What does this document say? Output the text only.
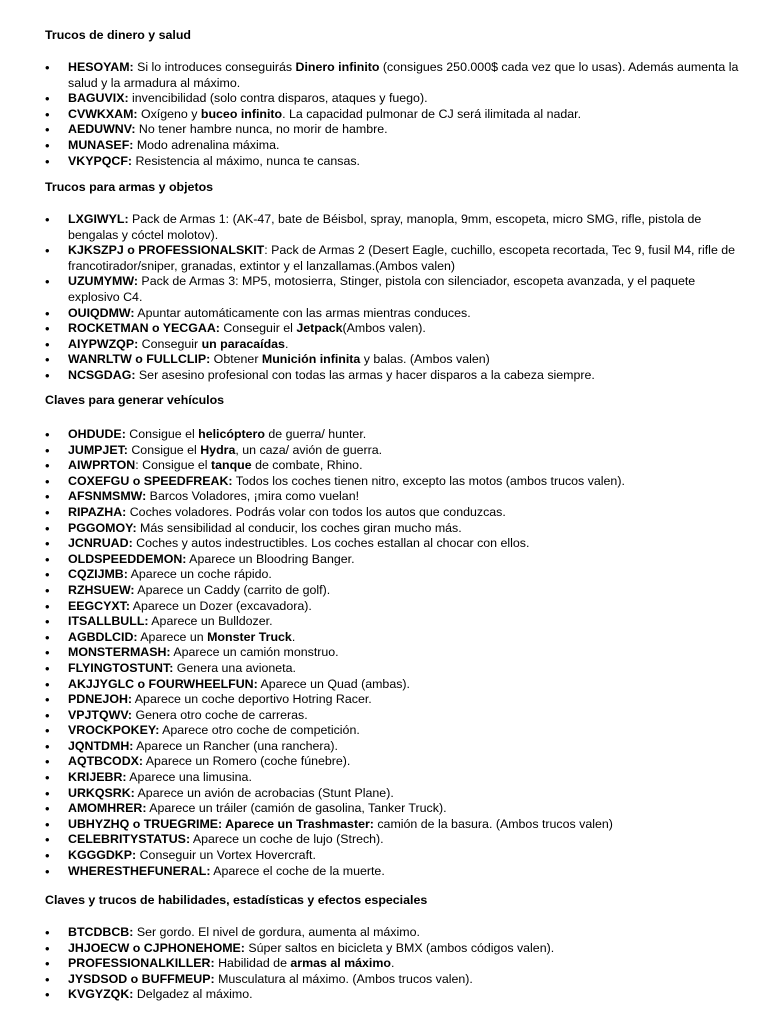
Trucos de dinero y salud
• HESOYAM: Si lo introduces conseguirás Dinero infinito (consigues 250.000$ cada vez que lo usas). Además aumenta la salud y la armadura al máximo.
• BAGUVIX: invencibilidad (solo contra disparos, ataques y fuego).
• CVWKXAM: Oxígeno y buceo infinito. La capacidad pulmonar de CJ será ilimitada al nadar.
• AEDUWNV: No tener hambre nunca, no morir de hambre.
• MUNASEF: Modo adrenalina máxima.
• VKYPQCF: Resistencia al máximo, nunca te cansas.
Trucos para armas y objetos
• LXGIWYL: Pack de Armas 1: (AK-47, bate de Béisbol, spray, manopla, 9mm, escopeta, micro SMG, rifle, pistola de bengalas y cóctel molotov).
• KJKSZPJ o PROFESSIONALSKIT: Pack de Armas 2 (Desert Eagle, cuchillo, escopeta recortada, Tec 9, fusil M4, rifle de francotirador/sniper, granadas, extintor y el lanzallamas.(Ambos valen)
• UZUMYMW: Pack de Armas 3: MP5, motosierra, Stinger, pistola con silenciador, escopeta avanzada, y el paquete explosivo C4.
• OUIQDMW: Apuntar automáticamente con las armas mientras conduces.
• ROCKETMAN o YECGAA: Conseguir el Jetpack(Ambos valen).
• AIYPWZQP: Conseguir un paracaídas.
• WANRLTW o FULLCLIP: Obtener Munición infinita y balas. (Ambos valen)
• NCSGDAG: Ser asesino profesional con todas las armas y hacer disparos a la cabeza siempre.
Claves para generar vehículos
• OHDUDE: Consigue el helicóptero de guerra/ hunter.
• JUMPJET: Consigue el Hydra, un caza/ avión de guerra.
• AIWPRTON: Consigue el tanque de combate, Rhino.
• COXEFGU o SPEEDFREAK: Todos los coches tienen nitro, excepto las motos (ambos trucos valen).
• AFSNMSMW: Barcos Voladores, ¡mira como vuelan!
• RIPAZHA: Coches voladores. Podrás volar con todos los autos que conduzcas.
• PGGOMOY: Más sensibilidad al conducir, los coches giran mucho más.
• JCNRUAD: Coches y autos indestructibles. Los coches estallan al chocar con ellos.
• OLDSPEEDDEMON: Aparece un Bloodring Banger.
• CQZIJMB: Aparece un coche rápido.
• RZHSUEW: Aparece un Caddy (carrito de golf).
• EEGCYXT: Aparece un Dozer (excavadora).
• ITSALLBULL: Aparece un Bulldozer.
• AGBDLCID: Aparece un Monster Truck.
• MONSTERMASH: Aparece un camión monstruo.
• FLYINGTOSTUNT: Genera una avioneta.
• AKJJYGLC o FOURWHEELFUN: Aparece un Quad (ambas).
• PDNEJOH: Aparece un coche deportivo Hotring Racer.
• VPJTQWV: Genera otro coche de carreras.
• VROCKPOKEY: Aparece otro coche de competición.
• JQNTDMH: Aparece un Rancher (una ranchera).
• AQTBCODX: Aparece un Romero (coche fúnebre).
• KRIJEBR: Aparece una limusina.
• URKQSRK: Aparece un avión de acrobacias (Stunt Plane).
• AMOMHRER: Aparece un tráiler (camión de gasolina, Tanker Truck).
• UBHYZHQ o TRUEGRIME: Aparece un Trashmaster: camión de la basura. (Ambos trucos valen)
• CELEBRITYSTATUS: Aparece un coche de lujo (Strech).
• KGGGDKP: Conseguir un Vortex Hovercraft.
• WHERESTHEFUNERAL: Aparece el coche de la muerte.
Claves y trucos de habilidades, estadísticas y efectos especiales
• BTCDBCB: Ser gordo. El nivel de gordura, aumenta al máximo.
• JHJOECW o CJPHONEHOME: Súper saltos en bicicleta y BMX (ambos códigos valen).
• PROFESSIONALKILLER: Habilidad de armas al máximo.
• JYSDSOD o BUFFMEUP: Musculatura al máximo. (Ambos trucos valen).
• KVGYZQK: Delgadez al máximo.
